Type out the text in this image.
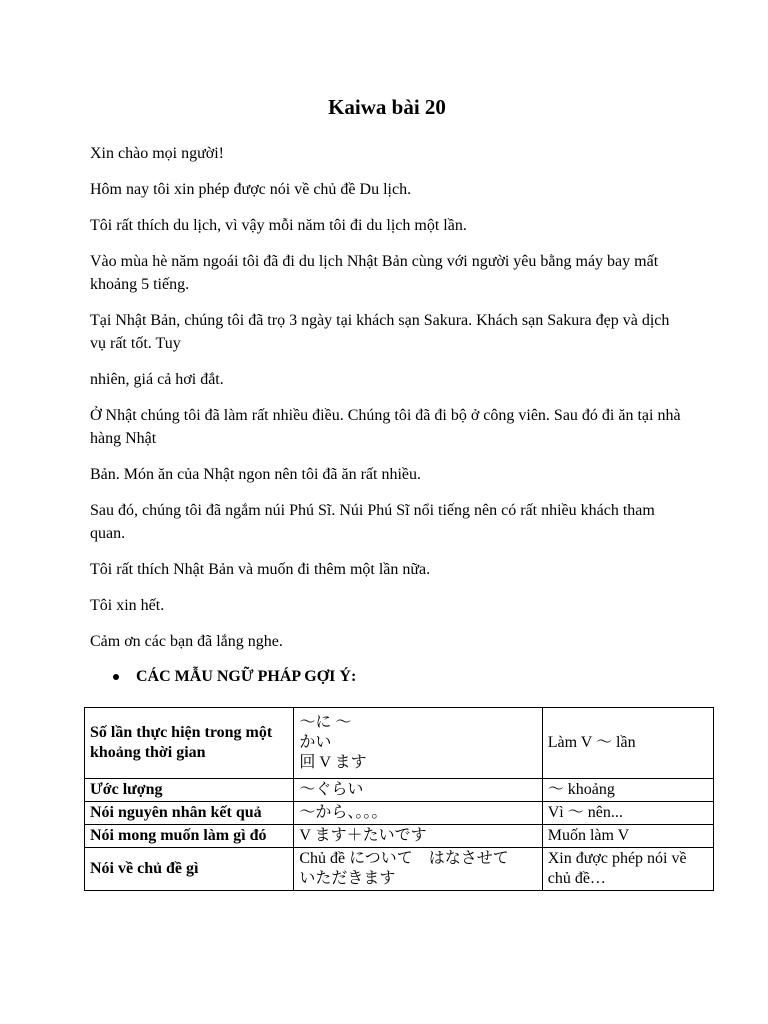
Kaiwa bài 20

Xin chào mọi người!

Hôm nay tôi xin phép được nói về chủ đề Du lịch.

Tôi rất thích du lịch, vì vậy mỗi năm tôi đi du lịch một lần.

Vào mùa hè năm ngoái tôi đã đi du lịch Nhật Bản cùng với người yêu bằng máy bay mất khoảng 5 tiếng.

Tại Nhật Bản, chúng tôi đã trọ 3 ngày tại khách sạn Sakura. Khách sạn Sakura đẹp và dịch vụ rất tốt. Tuy

nhiên, giá cả hơi đắt.

Ở Nhật chúng tôi đã làm rất nhiều điều. Chúng tôi đã đi bộ ở công viên. Sau đó đi ăn tại nhà hàng Nhật

Bản. Món ăn của Nhật ngon nên tôi đã ăn rất nhiều.

Sau đó, chúng tôi đã ngắm núi Phú Sĩ. Núi Phú Sĩ nổi tiếng nên có rất nhiều khách tham quan.

Tôi rất thích Nhật Bản và muốn đi thêm một lần nữa.

Tôi xin hết.

Cảm ơn các bạn đã lắng nghe.

CÁC MẪU NGỮ PHÁP GỢI Ý:
Số lần thực hiện trong một khoảng thời gian	～に ～
かい
回 V ます	Làm V ～ lần
Ước lượng	～ぐらい	～ khoảng
Nói nguyên nhân kết quả	～から、。。。	Vì ～ nên...
Nói mong muốn làm gì đó	V ます＋たいです	Muốn làm V
Nói về chủ đề gì	Chủ đề について　はなさせて
いただきます	Xin được phép nói về chủ đề…
